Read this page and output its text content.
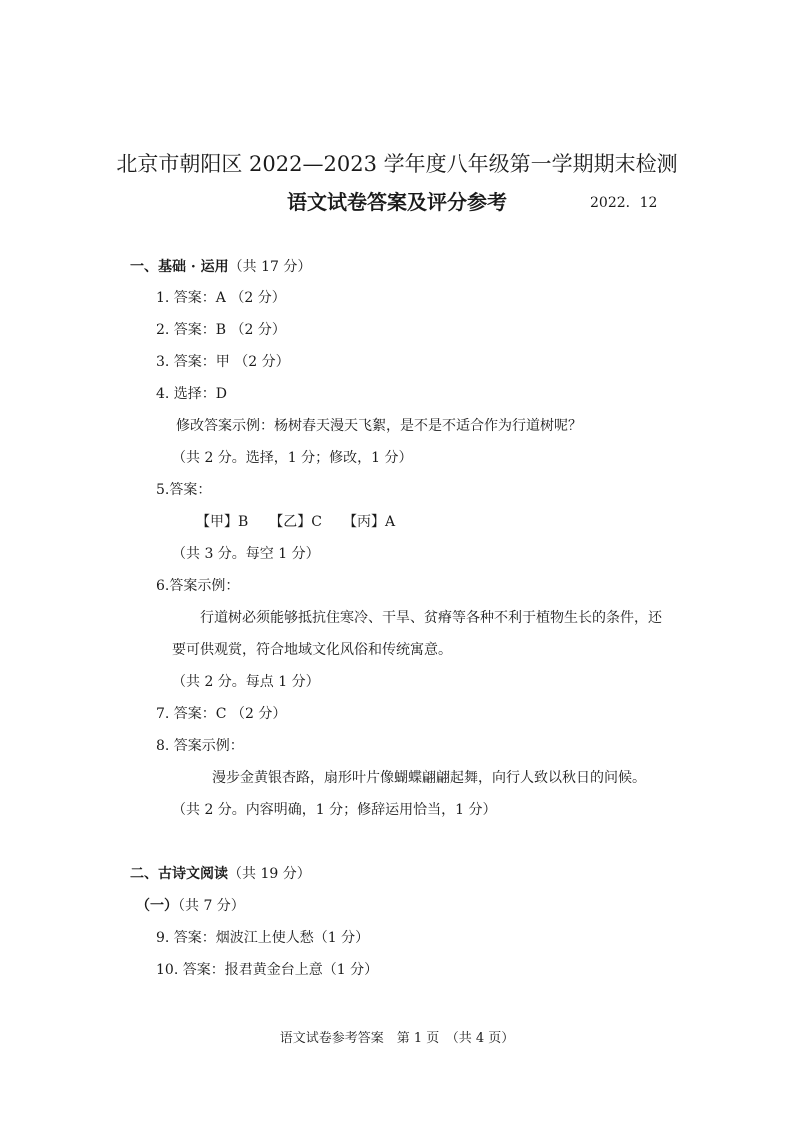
北京市朝阳区 2022—2023 学年度八年级第一学期期末检测
语文试卷答案及评分参考	2022．12
一、基础 · 运用（共 17 分）
1. 答案：A （2 分）
2. 答案：B （2 分）
3. 答案：甲 （2 分）
4. 选择：D
修改答案示例：杨树春天漫天飞絮，是不是不适合作为行道树呢？
（共 2 分。选择，1 分；修改，1 分）
5.答案：
【甲】B　　【乙】C　　【丙】A
（共 3 分。每空 1 分）
6.答案示例：
行道树必须能够抵抗住寒冷、干旱、贫瘠等各种不利于植物生长的条件，还
要可供观赏，符合地域文化风俗和传统寓意。
（共 2 分。每点 1 分）
7. 答案：C （2 分）
8. 答案示例：
漫步金黄银杏路，扇形叶片像蝴蝶翩翩起舞，向行人致以秋日的问候。
（共 2 分。内容明确，1 分；修辞运用恰当，1 分）
二、古诗文阅读（共 19 分）
（一）（共 7 分）
9. 答案：烟波江上使人愁（1 分）
10. 答案：报君黄金台上意（1 分）
语文试卷参考答案　第 1 页　（共 4 页）
